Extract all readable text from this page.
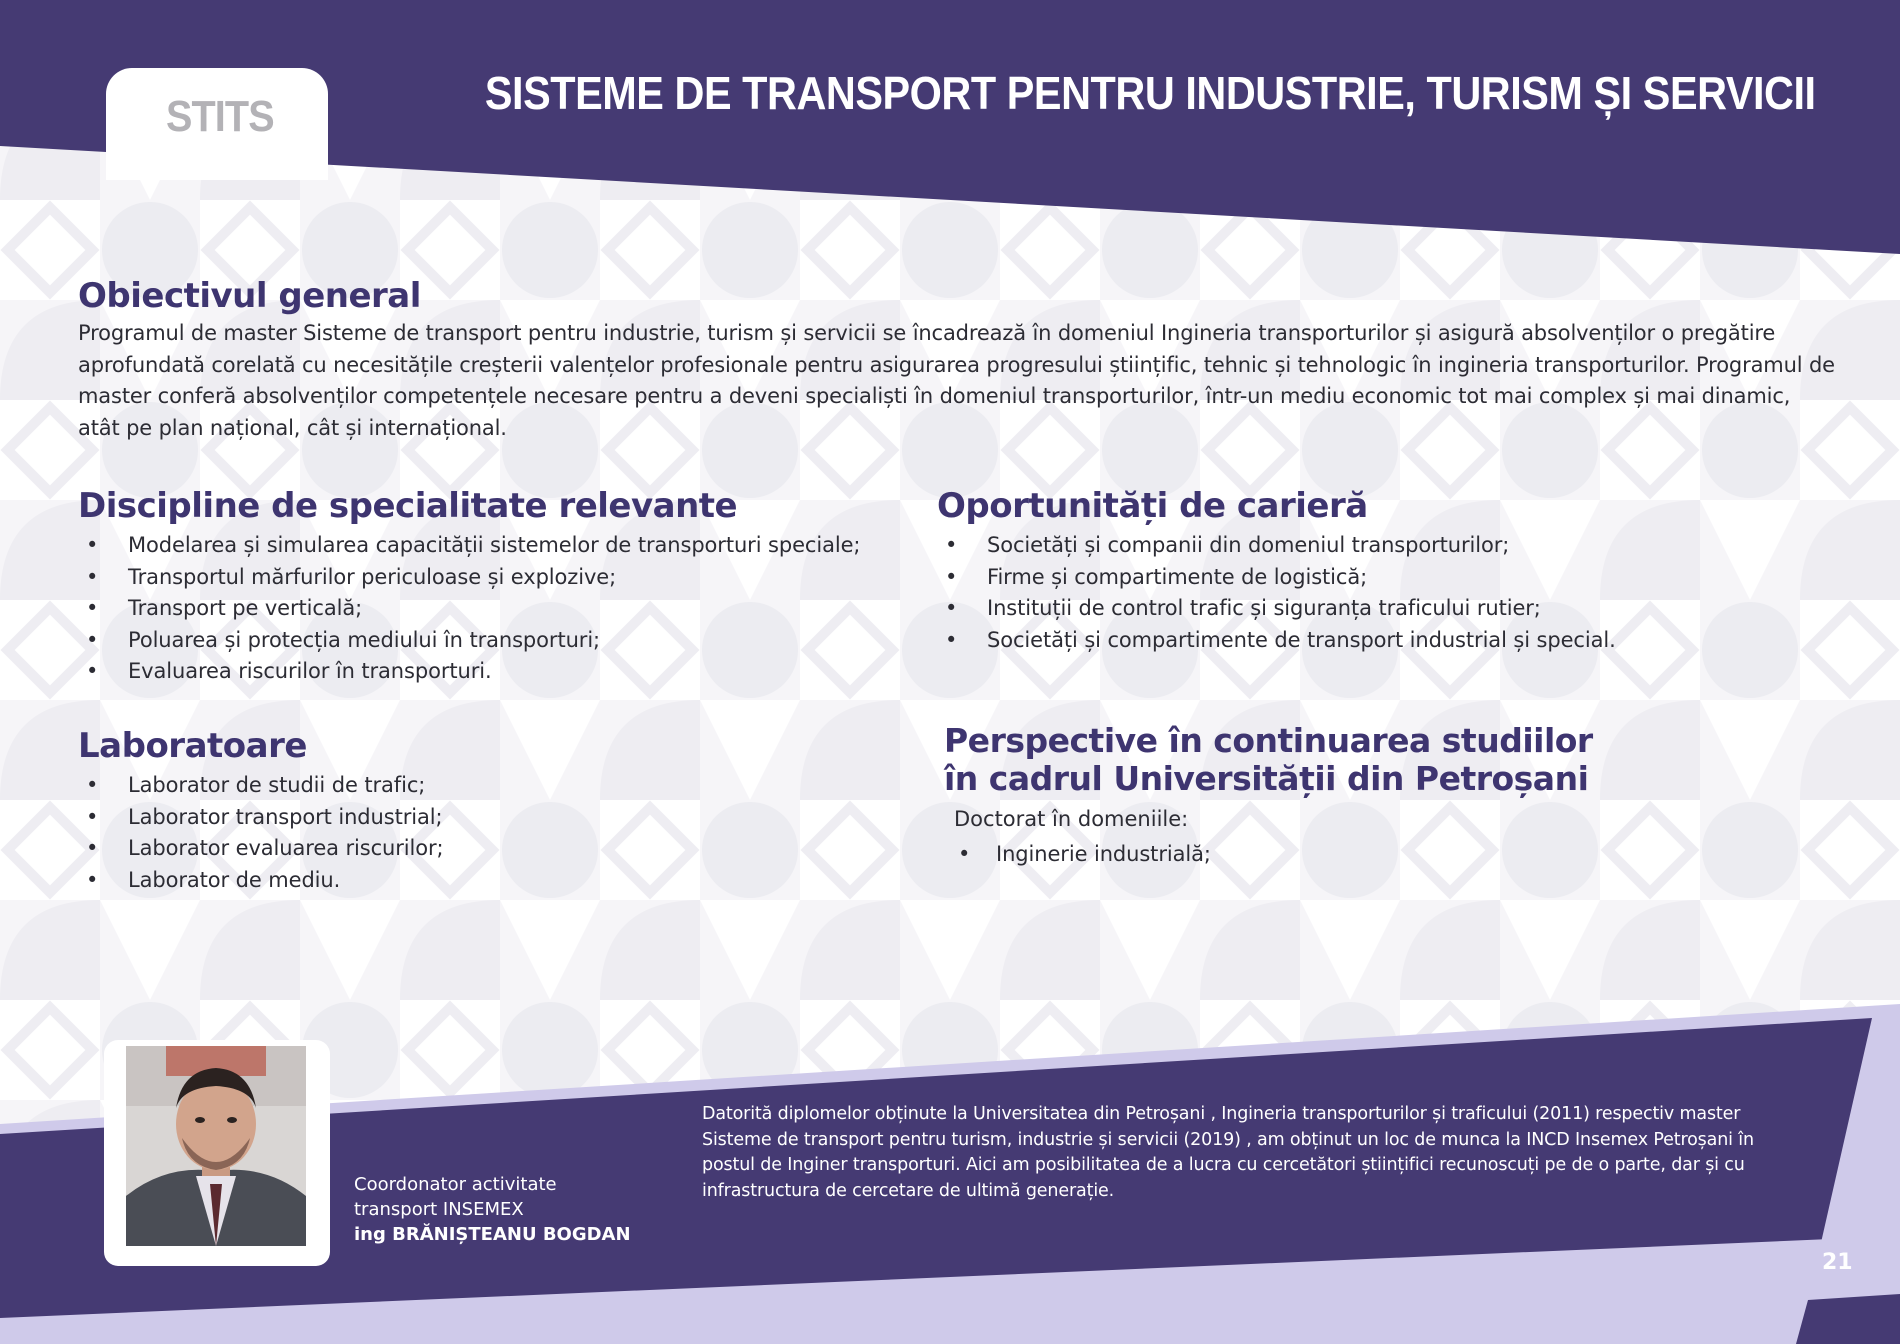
STITS	SISTEME DE TRANSPORT PENTRU INDUSTRIE, TURISM ȘI SERVICII
Obiectivul general

Programul de master Sisteme de transport pentru industrie, turism și servicii se încadrează în domeniul Ingineria transporturilor și asigură absolvenților o pregătire aprofundată corelată cu necesitățile creșterii valențelor profesionale pentru asigurarea progresului științific, tehnic și tehnologic în ingineria transporturilor. Programul de master conferă absolvenților competențele necesare pentru a deveni specialiști în domeniul transporturilor, într-un mediu economic tot mai complex și mai dinamic, atât pe plan național, cât și internațional.

Discipline de specialitate relevante
• Modelarea și simularea capacității sistemelor de transporturi speciale;
• Transportul mărfurilor periculoase și explozive;
• Transport pe verticală;
• Poluarea și protecția mediului în transporturi;
• Evaluarea riscurilor în transporturi.
Oportunități de carieră
• Societăți și companii din domeniul transporturilor;
• Firme și compartimente de logistică;
• Instituții de control trafic și siguranța traficului rutier;
• Societăți și compartimente de transport industrial și special.
Laboratoare
• Laborator de studii de trafic;
• Laborator transport industrial;
• Laborator evaluarea riscurilor;
• Laborator de mediu.
Perspective în continuarea studiilor
în cadrul Universității din Petroșani
Doctorat în domeniile:
• Inginerie industrială;
Coordonator activitate
transport INSEMEX
ing BRĂNIȘTEANU BOGDAN
Datorită diplomelor obținute la Universitatea din Petroșani , Ingineria transporturilor și traficului (2011) respectiv master
Sisteme de transport pentru turism, industrie și servicii (2019) , am obținut un loc de munca la INCD Insemex Petroșani în
postul de Inginer transporturi. Aici am posibilitatea de a lucra cu cercetători științifici recunoscuți pe de o parte, dar și cu
infrastructura de cercetare de ultimă generație.
21
